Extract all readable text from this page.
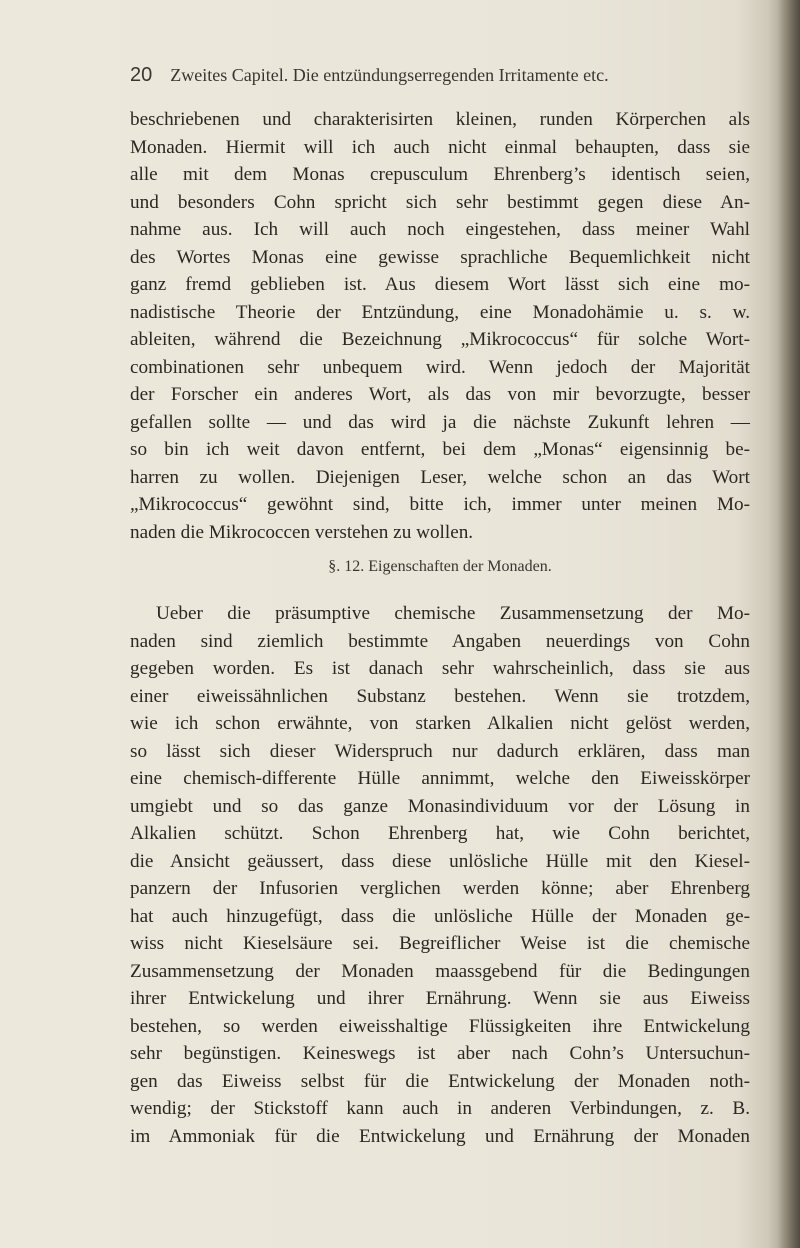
20 Zweites Capitel. Die entzündungserregenden Irritamente etc.
beschriebenen und charakterisirten kleinen, runden Körperchen als
Monaden. Hiermit will ich auch nicht einmal behaupten, dass sie
alle mit dem Monas crepusculum Ehrenberg’s identisch seien,
und besonders Cohn spricht sich sehr bestimmt gegen diese An-
nahme aus. Ich will auch noch eingestehen, dass meiner Wahl
des Wortes Monas eine gewisse sprachliche Bequemlichkeit nicht
ganz fremd geblieben ist. Aus diesem Wort lässt sich eine mo-
nadistische Theorie der Entzündung, eine Monadohämie u. s. w.
ableiten, während die Bezeichnung „Mikrococcus“ für solche Wort-
combinationen sehr unbequem wird. Wenn jedoch der Majorität
der Forscher ein anderes Wort, als das von mir bevorzugte, besser
gefallen sollte — und das wird ja die nächste Zukunft lehren —
so bin ich weit davon entfernt, bei dem „Monas“ eigensinnig be-
harren zu wollen. Diejenigen Leser, welche schon an das Wort
„Mikrococcus“ gewöhnt sind, bitte ich, immer unter meinen Mo-
naden die Mikrococcen verstehen zu wollen.
§. 12. Eigenschaften der Monaden.
Ueber die präsumptive chemische Zusammensetzung der Mo-
naden sind ziemlich bestimmte Angaben neuerdings von Cohn
gegeben worden. Es ist danach sehr wahrscheinlich, dass sie aus
einer eiweissähnlichen Substanz bestehen. Wenn sie trotzdem,
wie ich schon erwähnte, von starken Alkalien nicht gelöst werden,
so lässt sich dieser Widerspruch nur dadurch erklären, dass man
eine chemisch-differente Hülle annimmt, welche den Eiweisskörper
umgiebt und so das ganze Monasindividuum vor der Lösung in
Alkalien schützt. Schon Ehrenberg hat, wie Cohn berichtet,
die Ansicht geäussert, dass diese unlösliche Hülle mit den Kiesel-
panzern der Infusorien verglichen werden könne; aber Ehrenberg
hat auch hinzugefügt, dass die unlösliche Hülle der Monaden ge-
wiss nicht Kieselsäure sei. Begreiflicher Weise ist die chemische
Zusammensetzung der Monaden maassgebend für die Bedingungen
ihrer Entwickelung und ihrer Ernährung. Wenn sie aus Eiweiss
bestehen, so werden eiweisshaltige Flüssigkeiten ihre Entwickelung
sehr begünstigen. Keineswegs ist aber nach Cohn’s Untersuchun-
gen das Eiweiss selbst für die Entwickelung der Monaden noth-
wendig; der Stickstoff kann auch in anderen Verbindungen, z. B.
im Ammoniak für die Entwickelung und Ernährung der Monaden
